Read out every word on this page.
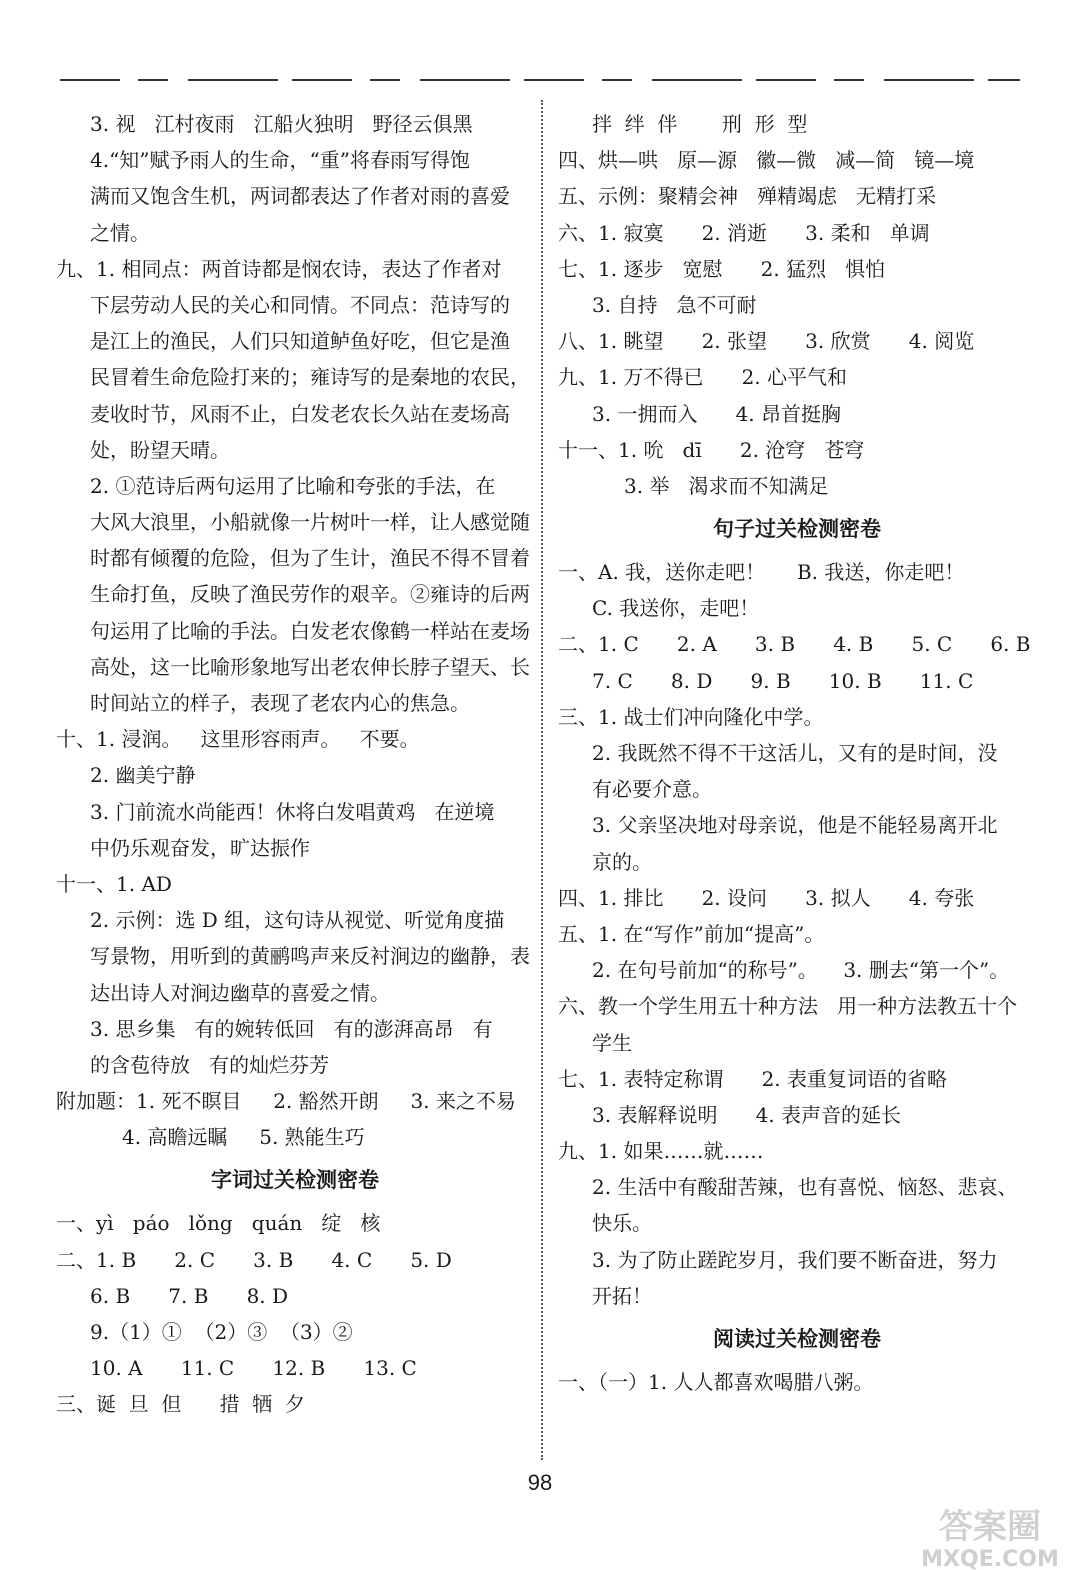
3. 视   江村夜雨   江船火独明   野径云俱黑
4.“知”赋予雨人的生命，“重”将春雨写得饱
满而又饱含生机，两词都表达了作者对雨的喜爱
之情。
九、1. 相同点：两首诗都是悯农诗，表达了作者对
下层劳动人民的关心和同情。不同点：范诗写的
是江上的渔民，人们只知道鲈鱼好吃，但它是渔
民冒着生命危险打来的；雍诗写的是秦地的农民，
麦收时节，风雨不止，白发老农长久站在麦场高
处，盼望天晴。
2. ①范诗后两句运用了比喻和夸张的手法，在
大风大浪里，小船就像一片树叶一样，让人感觉随
时都有倾覆的危险，但为了生计，渔民不得不冒着
生命打鱼，反映了渔民劳作的艰辛。②雍诗的后两
句运用了比喻的手法。白发老农像鹤一样站在麦场
高处，这一比喻形象地写出老农伸长脖子望天、长
时间站立的样子，表现了老农内心的焦急。
十、1. 浸润。   这里形容雨声。   不要。
2. 幽美宁静
3. 门前流水尚能西！休将白发唱黄鸡   在逆境
中仍乐观奋发，旷达振作
十一、1. AD
2. 示例：选 D 组，这句诗从视觉、听觉角度描
写景物，用听到的黄鹂鸣声来反衬涧边的幽静，表
达出诗人对涧边幽草的喜爱之情。
3. 思乡集   有的婉转低回   有的澎湃高昂   有
的含苞待放   有的灿烂芬芳
附加题：1. 死不瞑目     2. 豁然开朗     3. 来之不易
4. 高瞻远瞩     5. 熟能生巧
字词过关检测密卷
一、yì   páo   lǒng   quán   绽   核
二、1. B      2. C      3. B      4. C      5. D
6. B      7. B      8. D
9.（1）①  （2）③  （3）②
10. A      11. C      12. B      13. C
三、诞  旦  但      措  牺  夕
拌  绊  伴       刑  形  型
四、烘—哄   原—源   徽—微   减—简   镜—境
五、示例：聚精会神   殚精竭虑   无精打采
六、1. 寂寞      2. 消逝      3. 柔和   单调
七、1. 逐步   宽慰      2. 猛烈   惧怕
3. 自持   急不可耐
八、1. 眺望      2. 张望      3. 欣赏      4. 阅览
九、1. 万不得已      2. 心平气和
3. 一拥而入      4. 昂首挺胸
十一、1. 吮   dī      2. 沧穹   苍穹
3. 举   渴求而不知满足
句子过关检测密卷
一、A. 我，送你走吧！     B. 我送，你走吧！
C. 我送你，走吧！
二、1. C      2. A      3. B      4. B      5. C      6. B
7. C      8. D      9. B      10. B      11. C
三、1. 战士们冲向隆化中学。
2. 我既然不得不干这活儿，又有的是时间，没
有必要介意。
3. 父亲坚决地对母亲说，他是不能轻易离开北
京的。
四、1. 排比      2. 设问      3. 拟人      4. 夸张
五、1. 在“写作”前加“提高”。
2. 在句号前加“的称号”。    3. 删去“第一个”。
六、教一个学生用五十种方法   用一种方法教五十个
学生
七、1. 表特定称谓      2. 表重复词语的省略
3. 表解释说明      4. 表声音的延长
九、1. 如果……就……
2. 生活中有酸甜苦辣，也有喜悦、恼怒、悲哀、
快乐。
3. 为了防止蹉跎岁月，我们要不断奋进，努力
开拓！
阅读过关检测密卷
一、（一）1. 人人都喜欢喝腊八粥。
98
答案圈
MXQE.COM
